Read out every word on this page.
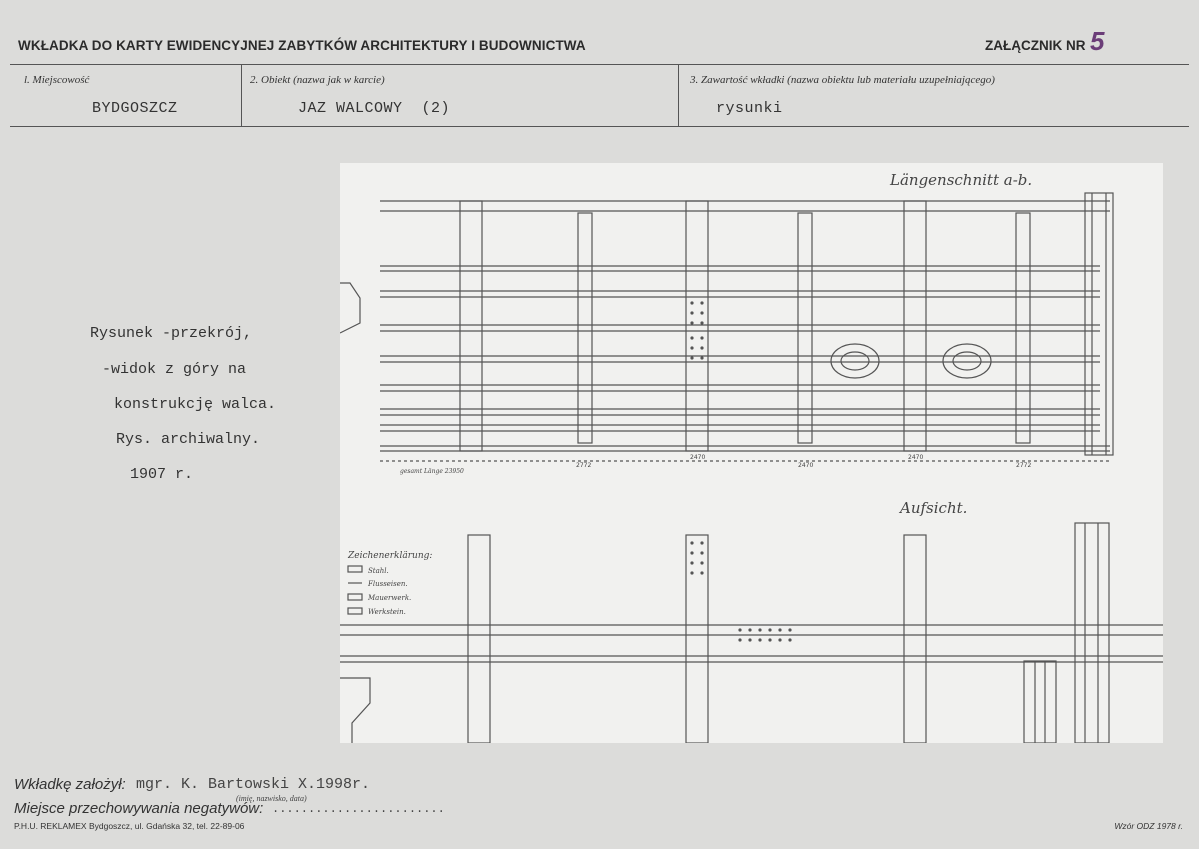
WKŁADKA DO KARTY EWIDENCYJNEJ ZABYTKÓW ARCHITEKTURY I BUDOWNICTWA	ZAŁĄCZNIK NR 5
l. Miejscowość
BYDGOSZCZ
2. Obiekt (nazwa jak w karcie)
JAZ WALCOWY  (2)
3. Zawartość wkładki (nazwa obiektu lub materiału uzupełniającego)
rysunki
Rysunek -przekrój,
-widok z góry na
konstrukcję walca.
Rys. archiwalny.
1907 r.
Längenschnitt a-b.
Aufsicht.
Zeichenerklärung:
Stahl.
Flusseisen.
Mauerwerk.
Werkstein.
gesamt Länge 23950
2772
2470
2470
2470
2772
Wkładkę założył: mgr. K. Bartowski X.1998r.
(imię, nazwisko, data)
Miejsce przechowywania negatywów: ........................
P.H.U. REKLAMEX Bydgoszcz, ul. Gdańska 32, tel. 22-89-06	Wzór ODZ 1978 r.
